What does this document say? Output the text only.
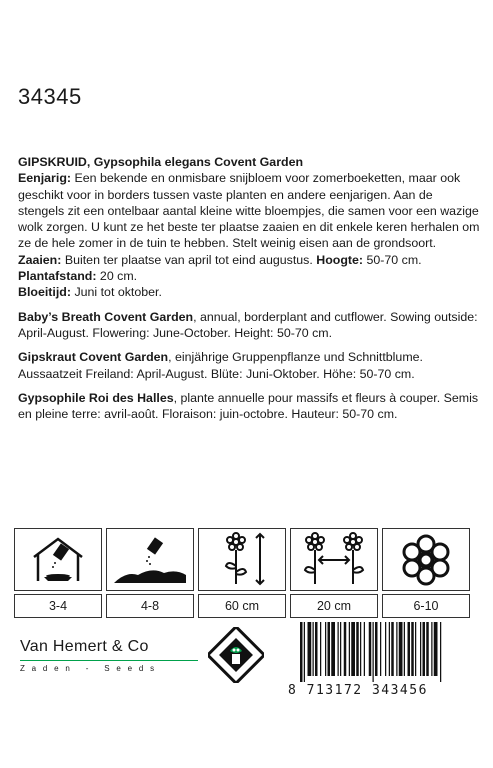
34345

GIPSKRUID, Gypsophila elegans Covent Garden
Eenjarig: Een bekende en onmisbare snijbloem voor zomerboeketten, maar ook geschikt voor in borders tussen vaste planten en andere eenjarigen. Aan de stengels zit een ontelbaar aantal kleine witte bloempjes, die samen voor een wazige wolk zorgen. U kunt ze het beste ter plaatse zaaien en dit enkele keren herhalen om ze de hele zomer in de tuin te hebben. Stelt weinig eisen aan de grondsoort. Zaaien: Buiten ter plaatse van april tot eind augustus. Hoogte: 50-70 cm. Plantafstand: 20 cm.
Bloeitijd: Juni tot oktober.

Baby’s Breath Covent Garden, annual, borderplant and cutflower. Sowing outside: April-August. Flowering: June-October. Height: 50-70 cm.

Gipskraut Covent Garden, einjährige Gruppenpflanze und Schnittblume. Aussaatzeit Freiland: April-August. Blüte: Juni-Oktober. Höhe: 50-70 cm.

Gypsophile Roi des Halles, plante annuelle pour massifs et fleurs à couper. Semis en pleine terre: avril-août. Floraison: juin-octobre. Hauteur: 50-70 cm.

3-4	4-8	60 cm	20 cm	6-10
Van Hemert & Co
Zaden - Seeds
8 713172 343456
